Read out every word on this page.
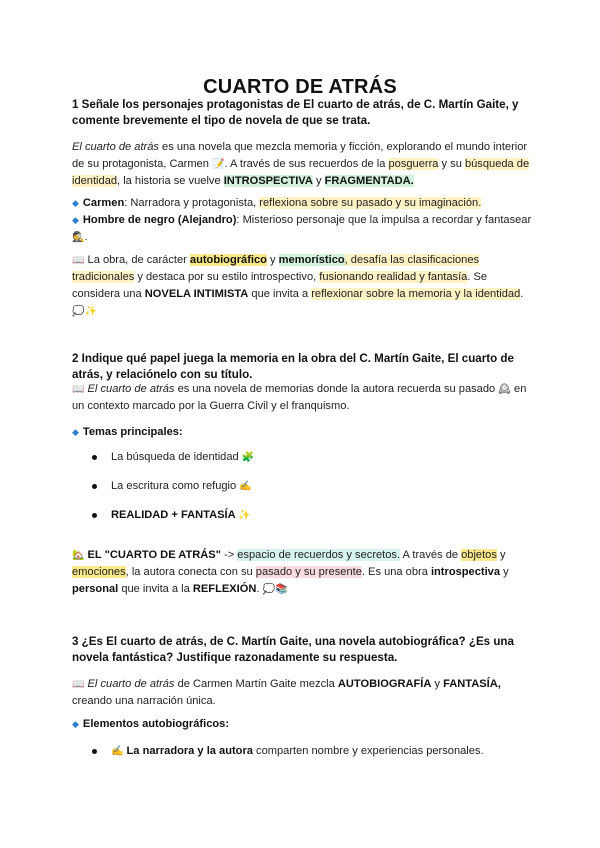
CUARTO DE ATRÁS
1 Señale los personajes protagonistas de El cuarto de atrás, de C. Martín Gaite, y comente brevemente el tipo de novela de que se trata.
El cuarto de atrás es una novela que mezcla memoria y ficción, explorando el mundo interior de su protagonista, Carmen 📝. A través de sus recuerdos de la posguerra y su búsqueda de identidad, la historia se vuelve INTROSPECTIVA y FRAGMENTADA.
◆ Carmen: Narradora y protagonista, reflexiona sobre su pasado y su imaginación.
◆ Hombre de negro (Alejandro): Misterioso personaje que la impulsa a recordar y fantasear 🕵.
📖 La obra, de carácter autobiográfico y memorístico, desafía las clasificaciones tradicionales y destaca por su estilo introspectivo, fusionando realidad y fantasía. Se considera una NOVELA INTIMISTA que invita a reflexionar sobre la memoria y la identidad. 💭✨
2 Indique qué papel juega la memoria en la obra del C. Martín Gaite, El cuarto de atrás, y relaciónelo con su título.
📖 El cuarto de atrás es una novela de memorias donde la autora recuerda su pasado 🕰 en un contexto marcado por la Guerra Civil y el franquismo.
◆ Temas principales:
La búsqueda de identidad 🧩
La escritura como refugio ✍
REALIDAD + FANTASÍA ✨
🏡 EL "CUARTO DE ATRÁS" -> espacio de recuerdos y secretos. A través de objetos y emociones, la autora conecta con su pasado y su presente. Es una obra introspectiva y personal que invita a la REFLEXIÓN. 💭📚
3 ¿Es El cuarto de atrás, de C. Martín Gaite, una novela autobiográfica? ¿Es una novela fantástica? Justifique razonadamente su respuesta.
📖 El cuarto de atrás de Carmen Martín Gaite mezcla AUTOBIOGRAFÍA y FANTASÍA, creando una narración única.
◆ Elementos autobiográficos:
✍ La narradora y la autora comparten nombre y experiencias personales.
